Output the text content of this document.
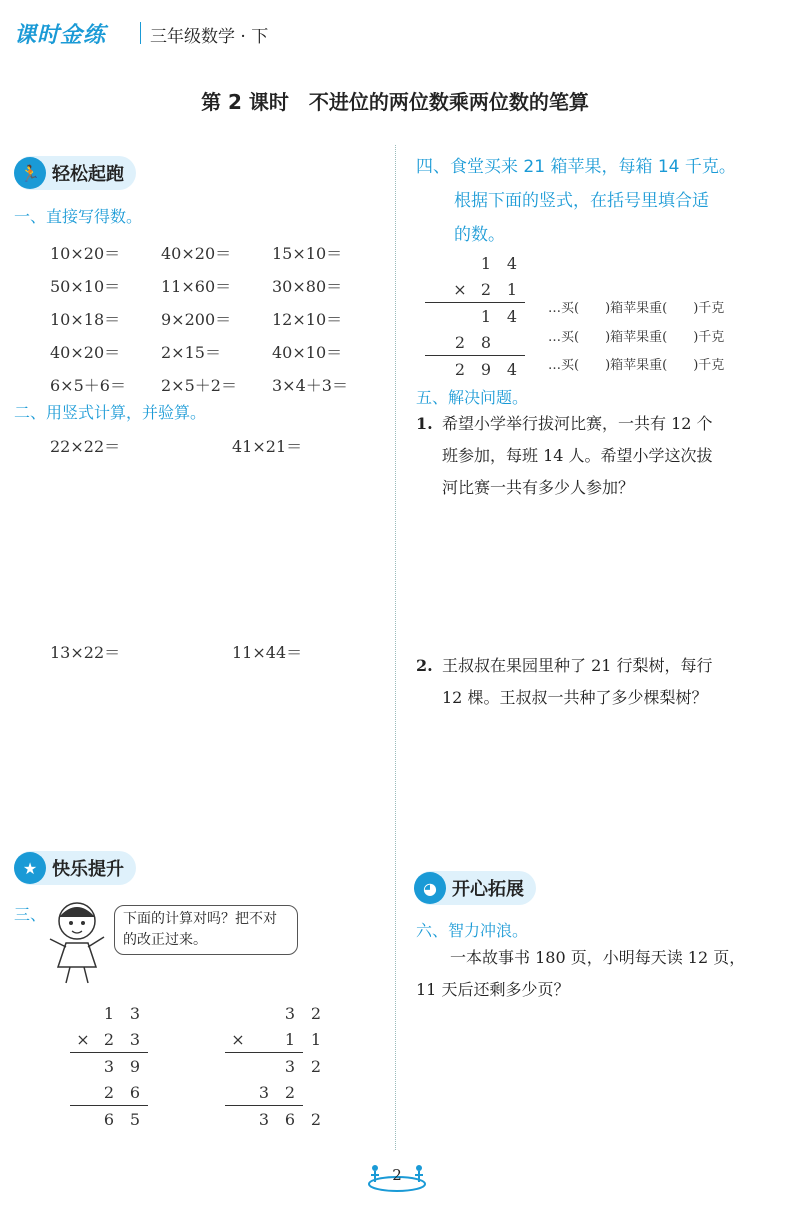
课时金练	三年级数学 · 下
第 2 课时　不进位的两位数乘两位数的笔算
🏃 轻松起跑
一、直接写得数。
10×20＝	40×20＝	15×10＝
50×10＝	11×60＝	30×80＝
10×18＝	9×200＝	12×10＝
40×20＝	2×15＝	40×10＝
6×5＋6＝	2×5＋2＝	3×4＋3＝
二、用竖式计算，并验算。
22×22＝	41×21＝
13×22＝	11×44＝
★ 快乐提升
三、	下面的计算对吗？把不对的改正过来。
1 3
× 2 3
3 9
2 6
6 5
3 2
×	1 1
3 2
3 2
3 6 2
四、食堂买来 21 箱苹果，每箱 14 千克。
根据下面的竖式，在括号里填合适
的数。
1 4
× 2 1
1 4
2 8
2 9 4
…买(　　)箱苹果重(　　)千克
…买(　　)箱苹果重(　　)千克
…买(　　)箱苹果重(　　)千克
五、解决问题。
1. 希望小学举行拔河比赛，一共有 12 个
班参加，每班 14 人。希望小学这次拔
河比赛一共有多少人参加？
2. 王叔叔在果园里种了 21 行梨树，每行
12 棵。王叔叔一共种了多少棵梨树？
◕ 开心拓展
六、智力冲浪。
一本故事书 180 页，小明每天读 12 页，
11 天后还剩多少页？
2
